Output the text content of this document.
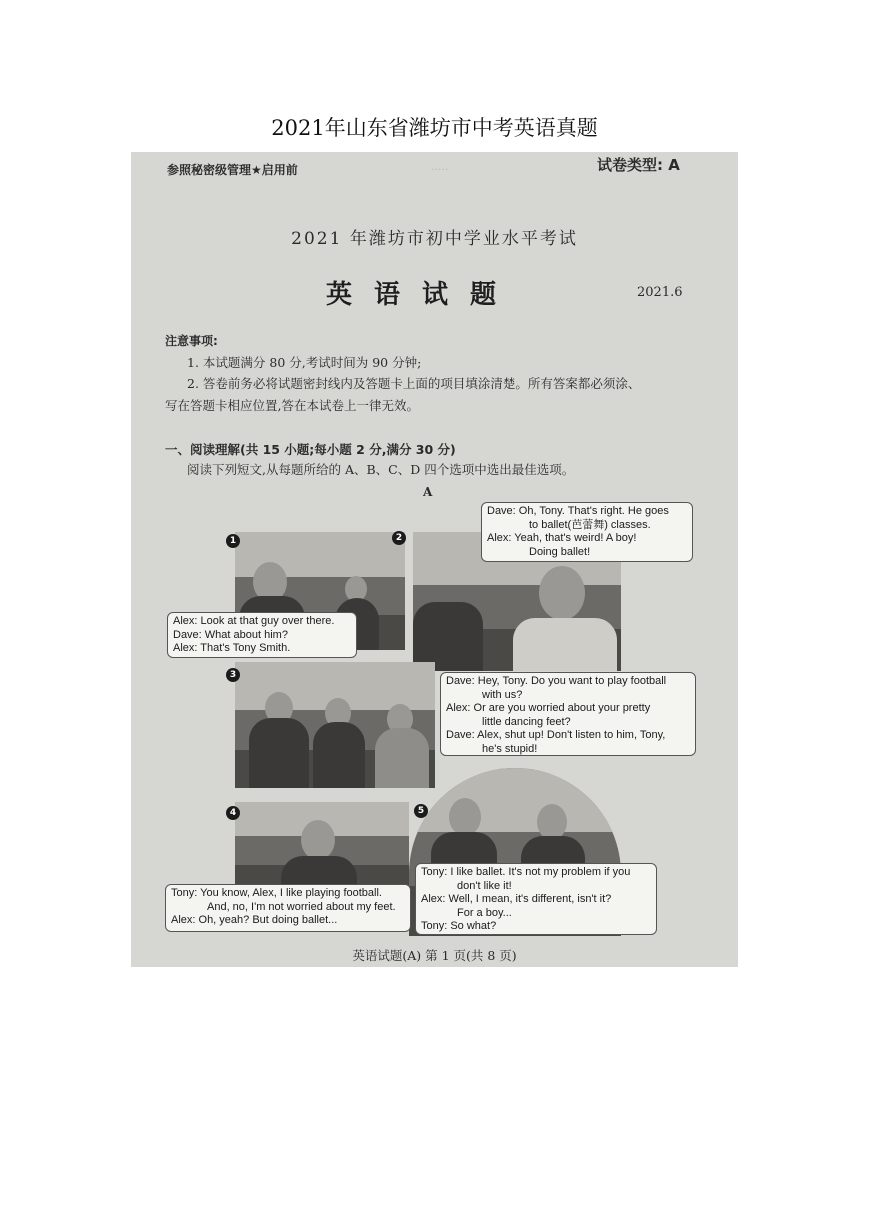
2021年山东省潍坊市中考英语真题
.....
参照秘密级管理★启用前	试卷类型: A
2021 年潍坊市初中学业水平考试
英语试题	2021.6
注意事项:
1. 本试题满分 80 分,考试时间为 90 分钟;
2. 答卷前务必将试题密封线内及答题卡上面的项目填涂清楚。所有答案都必须涂、
写在答题卡相应位置,答在本试卷上一律无效。
一、阅读理解(共 15 小题;每小题 2 分,满分 30 分)
阅读下列短文,从每题所给的 A、B、C、D 四个选项中选出最佳选项。
A
1	2
3
4	5
Alex: Look at that guy over there.
Dave: What about him?
Alex: That's Tony Smith.
Dave: Oh, Tony. That's right. He goes
to ballet(芭蕾舞) classes.
Alex: Yeah, that's weird! A boy!
Doing ballet!
Dave: Hey, Tony. Do you want to play football
with us?
Alex: Or are you worried about your pretty
little dancing feet?
Dave: Alex, shut up! Don't listen to him, Tony,
he's stupid!
Tony: You know, Alex, I like playing football.
And, no, I'm not worried about my feet.
Alex: Oh, yeah? But doing ballet...
Tony: I like ballet. It's not my problem if you
don't like it!
Alex: Well, I mean, it's different, isn't it?
For a boy...
Tony: So what?
英语试题(A) 第 1 页(共 8 页)
